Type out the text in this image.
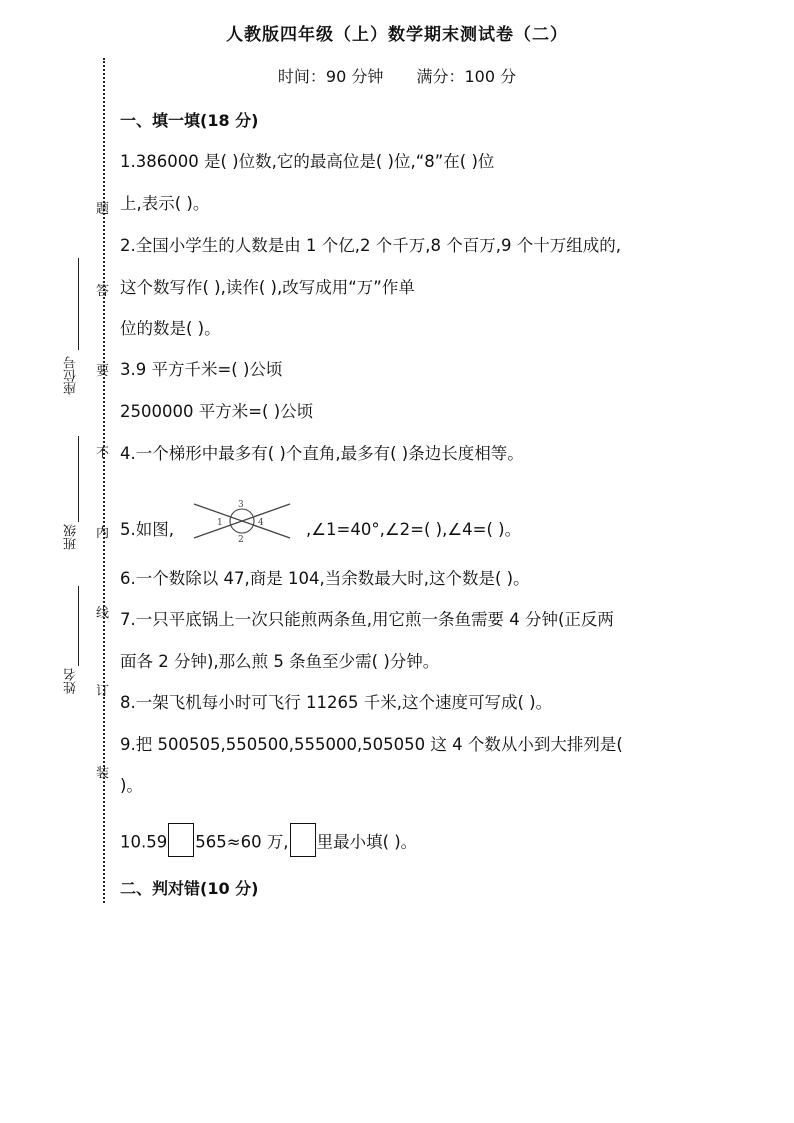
人教版四年级（上）数学期末测试卷（二）
时间：90 分钟 满分：100 分
题
答
要
不
内
线
订
装
座位号
班级
姓名
一、填一填(18 分)
1.386000 是( )位数,它的最高位是( )位,“8”在( )位
上,表示( )。
2.全国小学生的人数是由 1 个亿,2 个千万,8 个百万,9 个十万组成的,
这个数写作( ),读作( ),改写成用“万”作单
位的数是( )。
3.9 平方千米=( )公顷
2500000 平方米=( )公顷
4.一个梯形中最多有( )个直角,最多有( )条边长度相等。
5.如图,	1
2
3
4	,∠1=40°,∠2=( ),∠4=( )。
6.一个数除以 47,商是 104,当余数最大时,这个数是( )。
7.一只平底锅上一次只能煎两条鱼,用它煎一条鱼需要 4 分钟(正反两
面各 2 分钟),那么煎 5 条鱼至少需( )分钟。
8.一架飞机每小时可飞行 11265 千米,这个速度可写成( )。
9.把 500505,550500,555000,505050 这 4 个数从小到大排列是(
)。
10.59 565≈60 万, 里最小填( )。
二、判对错(10 分)
